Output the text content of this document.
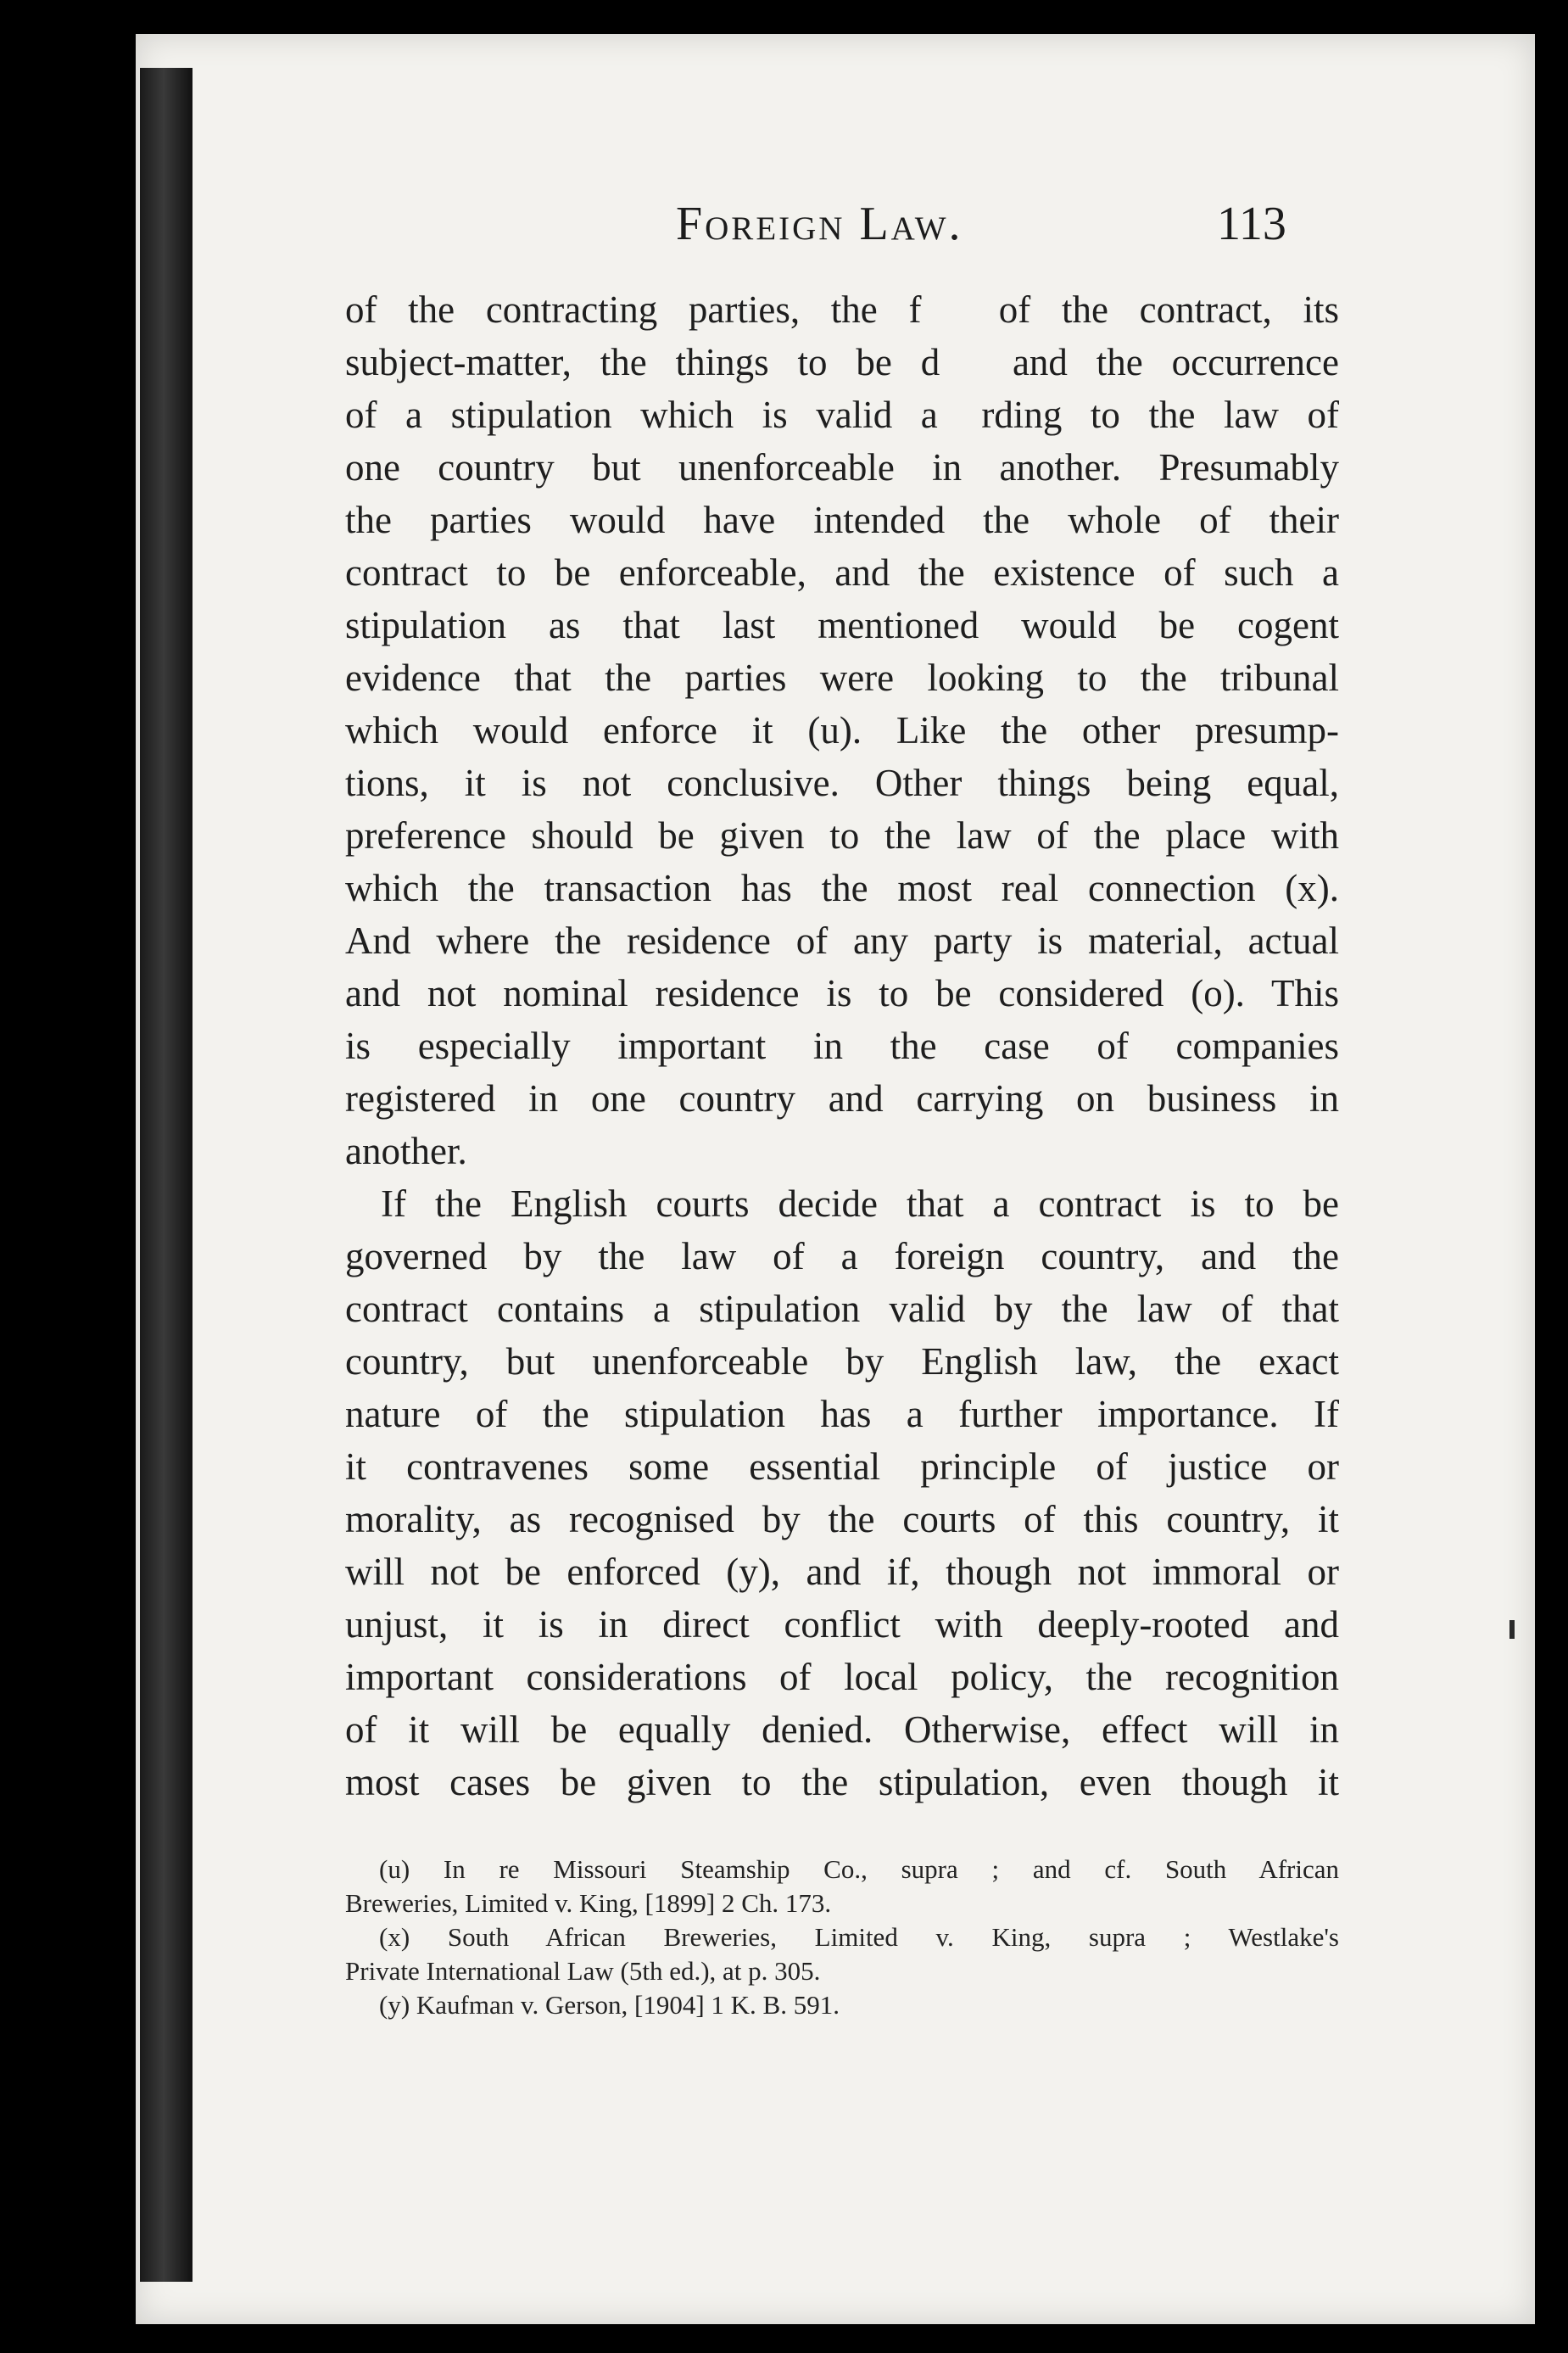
Foreign Law.	113
of the contracting parties, the f    of the contract, its
subject-matter, the things to be d    and the occurrence
of a stipulation which is valid a   rding to the law of
one country but unenforceable in another. Presumably
the parties would have intended the whole of their
contract to be enforceable, and the existence of such a
stipulation as that last mentioned would be cogent
evidence that the parties were looking to the tribunal
which would enforce it (u). Like the other presump-
tions, it is not conclusive. Other things being equal,
preference should be given to the law of the place with
which the transaction has the most real connection (x).
And where the residence of any party is material, actual
and not nominal residence is to be considered (o). This
is especially important in the case of companies
registered in one country and carrying on business in
another.
If the English courts decide that a contract is to be
governed by the law of a foreign country, and the
contract contains a stipulation valid by the law of that
country, but unenforceable by English law, the exact
nature of the stipulation has a further importance. If
it contravenes some essential principle of justice or
morality, as recognised by the courts of this country, it
will not be enforced (y), and if, though not immoral or
unjust, it is in direct conflict with deeply-rooted and
important considerations of local policy, the recognition
of it will be equally denied. Otherwise, effect will in
most cases be given to the stipulation, even though it
(u) In re Missouri Steamship Co., supra ; and cf. South African
Breweries, Limited v. King, [1899] 2 Ch. 173.
(x) South African Breweries, Limited v. King, supra ; Westlake's
Private International Law (5th ed.), at p. 305.
(y) Kaufman v. Gerson, [1904] 1 K. B. 591.
